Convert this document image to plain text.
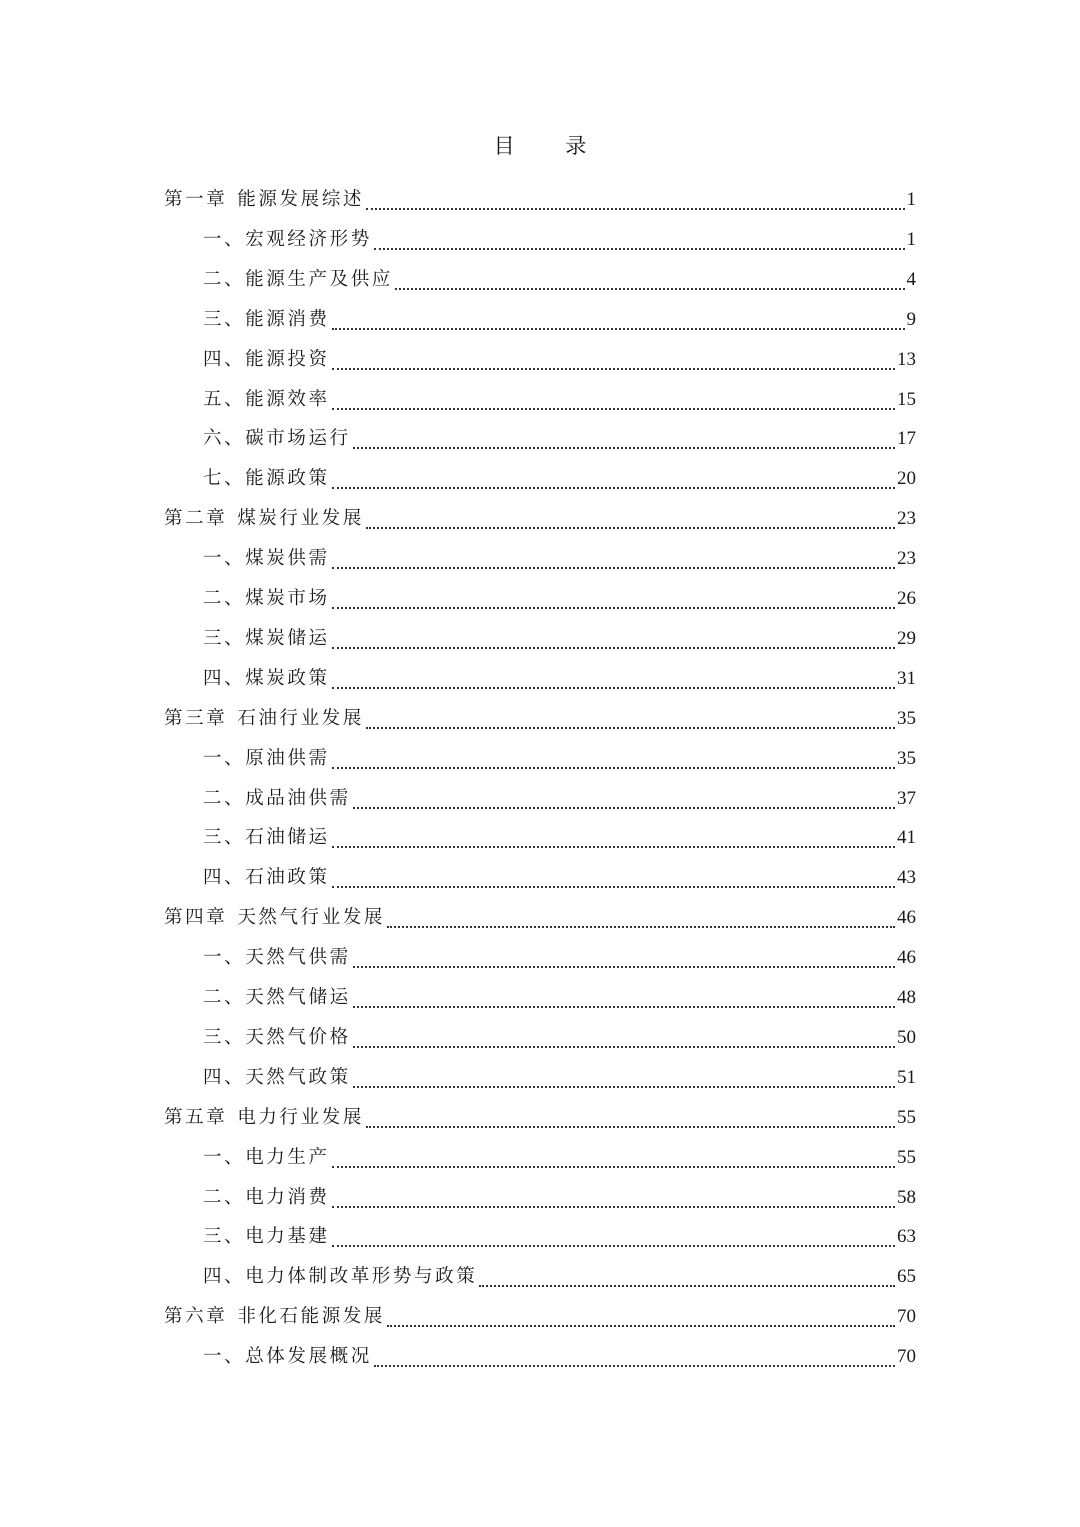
目 录
第一章 能源发展综述	1
一、宏观经济形势	1
二、能源生产及供应	4
三、能源消费	9
四、能源投资	13
五、能源效率	15
六、碳市场运行	17
七、能源政策	20
第二章 煤炭行业发展	23
一、煤炭供需	23
二、煤炭市场	26
三、煤炭储运	29
四、煤炭政策	31
第三章 石油行业发展	35
一、原油供需	35
二、成品油供需	37
三、石油储运	41
四、石油政策	43
第四章 天然气行业发展	46
一、天然气供需	46
二、天然气储运	48
三、天然气价格	50
四、天然气政策	51
第五章 电力行业发展	55
一、电力生产	55
二、电力消费	58
三、电力基建	63
四、电力体制改革形势与政策	65
第六章 非化石能源发展	70
一、总体发展概况	70
